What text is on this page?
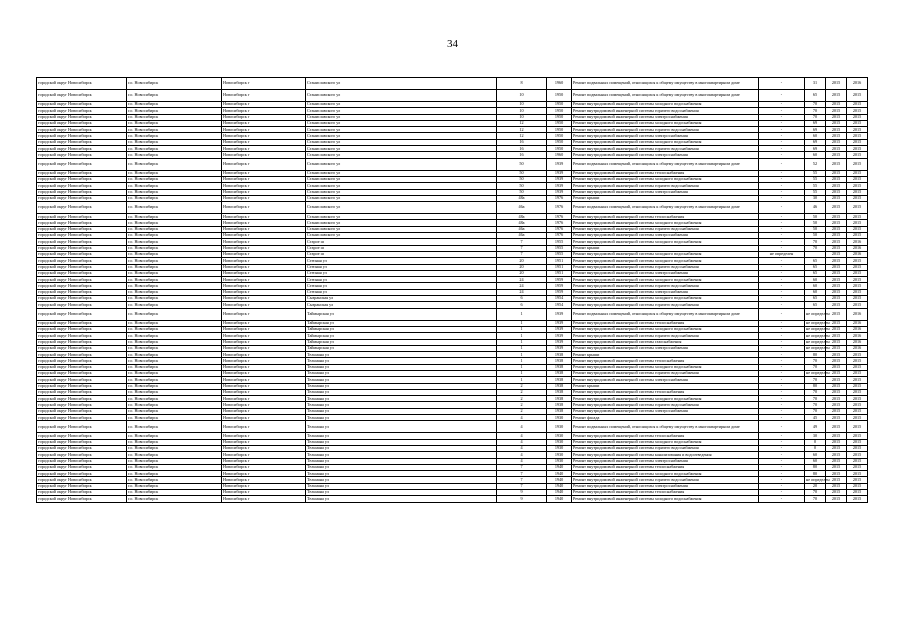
34
городской округ Новосибирск	г.о. Новосибирск	Новосибирск г	Станиславского ул	8	1960	Ремонт подвальных помещений, относящихся к общему имуществу в многоквартирном доме	-	31	2015	2016
городской округ Новосибирск	г.о. Новосибирск	Новосибирск г	Станиславского ул	10	1950	Ремонт подвальных помещений, относящихся к общему имуществу в многоквартирном доме	-	65	2015	2015
городской округ Новосибирск	г.о. Новосибирск	Новосибирск г	Станиславского ул	10	1950	Ремонт внутридомовой инженерной системы холодного водоснабжения	-	70	2015	2015
городской округ Новосибирск	г.о. Новосибирск	Новосибирск г	Станиславского ул	10	1950	Ремонт внутридомовой инженерной системы горячего водоснабжения	-	70	2015	2015
городской округ Новосибирск	г.о. Новосибирск	Новосибирск г	Станиславского ул	10	1950	Ремонт внутридомовой инженерной системы электроснабжения	-	70	2015	2015
городской округ Новосибирск	г.о. Новосибирск	Новосибирск г	Станиславского ул	12	1950	Ремонт внутридомовой инженерной системы холодного водоснабжения	-	69	2015	2015
городской округ Новосибирск	г.о. Новосибирск	Новосибирск г	Станиславского ул	12	1950	Ремонт внутридомовой инженерной системы горячего водоснабжения	-	69	2015	2015
городской округ Новосибирск	г.о. Новосибирск	Новосибирск г	Станиславского ул	12	1950	Ремонт внутридомовой инженерной системы электроснабжения	-	60	2015	2015
городской округ Новосибирск	г.о. Новосибирск	Новосибирск г	Станиславского ул	16	1950	Ремонт внутридомовой инженерной системы холодного водоснабжения	-	69	2015	2015
городской округ Новосибирск	г.о. Новосибирск	Новосибирск г	Станиславского ул	16	1950	Ремонт внутридомовой инженерной системы горячего водоснабжения	-	69	2015	2015
городской округ Новосибирск	г.о. Новосибирск	Новосибирск г	Станиславского ул	16	1960	Ремонт внутридомовой инженерной системы электроснабжения	-	60	2015	2015
городской округ Новосибирск	г.о. Новосибирск	Новосибирск г	Станиславского ул	50	1939	Ремонт подвальных помещений, относящихся к общему имуществу в многоквартирном доме	-	52	2015	2015
городской округ Новосибирск	г.о. Новосибирск	Новосибирск г	Станиславского ул	50	1939	Ремонт внутридомовой инженерной системы теплоснабжения	-	55	2015	2015
городской округ Новосибирск	г.о. Новосибирск	Новосибирск г	Станиславского ул	50	1939	Ремонт внутридомовой инженерной системы холодного водоснабжения	-	55	2015	2015
городской округ Новосибирск	г.о. Новосибирск	Новосибирск г	Станиславского ул	50	1939	Ремонт внутридомовой инженерной системы горячего водоснабжения	-	55	2015	2015
городской округ Новосибирск	г.о. Новосибирск	Новосибирск г	Станиславского ул	50	1939	Ремонт внутридомовой инженерной системы электроснабжения	-	55	2015	2015
городской округ Новосибирск	г.о. Новосибирск	Новосибирск г	Станиславского ул	48а	1976	Ремонт крыши	-	30	2015	2015
городской округ Новосибирск	г.о. Новосибирск	Новосибирск г	Станиславского ул	46а	1976	Ремонт подвальных помещений, относящихся к общему имуществу в многоквартирном доме	-	46	2015	2015
городской округ Новосибирск	г.о. Новосибирск	Новосибирск г	Станиславского ул	48а	1976	Ремонт внутридомовой инженерной системы теплоснабжения	-	50	2015	2015
городской округ Новосибирск	г.о. Новосибирск	Новосибирск г	Станиславского ул	48а	1976	Ремонт внутридомовой инженерной системы холодного водоснабжения	-	50	2015	2015
городской округ Новосибирск	г.о. Новосибирск	Новосибирск г	Станиславского ул	46а	1976	Ремонт внутридомовой инженерной системы горячего водоснабжения	-	50	2015	2015
городской округ Новосибирск	г.о. Новосибирск	Новосибирск г	Станиславского ул	46а	1976	Ремонт внутридомовой инженерной системы электроснабжения	-	50	2015	2015
городской округ Новосибирск	г.о. Новосибирск	Новосибирск г	Старое ш	7	1955	Ремонт внутридомовой инженерной системы холодного водоснабжения	-	70	2015	2016
городской округ Новосибирск	г.о. Новосибирск	Новосибирск г	Старое ш	7	1955	Ремонт крыши	-	70	2015	2016
городской округ Новосибирск	г.о. Новосибирск	Новосибирск г	Старое ш	7	1955	Ремонт внутридомовой инженерной системы холодного водоснабжения	не определен		2015	2016
городской округ Новосибирск	г.о. Новосибирск	Новосибирск г	Степная ул	20	1951	Ремонт внутридомовой инженерной системы холодного водоснабжения	-	65	2015	2015
городской округ Новосибирск	г.о. Новосибирск	Новосибирск г	Степная ул	20	1951	Ремонт внутридомовой инженерной системы горячего водоснабжения	-	65	2015	2015
городской округ Новосибирск	г.о. Новосибирск	Новосибирск г	Степная ул	20	1951	Ремонт внутридомовой инженерной системы электроснабжения	-	65	2015	2015
городской округ Новосибирск	г.о. Новосибирск	Новосибирск г	Степная ул	24	1959	Ремонт внутридомовой инженерной системы холодного водоснабжения	-	60	2015	2015
городской округ Новосибирск	г.о. Новосибирск	Новосибирск г	Степная ул	24	1959	Ремонт внутридомовой инженерной системы горячего водоснабжения	-	60	2015	2015
городской округ Новосибирск	г.о. Новосибирск	Новосибирск г	Степная ул	24	1959	Ремонт внутридомовой инженерной системы электроснабжения	-	60	2015	2015
городской округ Новосибирск	г.о. Новосибирск	Новосибирск г	Сызранская ул	6	1954	Ремонт внутридомовой инженерной системы холодного водоснабжения	-	65	2015	2015
городской округ Новосибирск	г.о. Новосибирск	Новосибирск г	Сызранская ул	6	1954	Ремонт внутридомовой инженерной системы горячего водоснабжения	-	65	2015	2015
городской округ Новосибирск	г.о. Новосибирск	Новосибирск г	Таймырская ул	1	1939	Ремонт подвальных помещений, относящихся к общему имуществу в многоквартирном доме	-	не определен	2015	2016
городской округ Новосибирск	г.о. Новосибирск	Новосибирск г	Таймырская ул	1	1939	Ремонт внутридомовой инженерной системы теплоснабжения	-	не определен	2015	2016
городской округ Новосибирск	г.о. Новосибирск	Новосибирск г	Таймырская ул	1	1939	Ремонт внутридомовой инженерной системы холодного водоснабжения	-	не определен	2015	2016
городской округ Новосибирск	г.о. Новосибирск	Новосибирск г	Таймырская ул	1	1939	Ремонт внутридомовой инженерной системы горячего водоснабжения	-	не определен	2015	2016
городской округ Новосибирск	г.о. Новосибирск	Новосибирск г	Таймырская ул	1	1939	Ремонт внутридомовой инженерной системы газоснабжения	-	не определен	2015	2016
городской округ Новосибирск	г.о. Новосибирск	Новосибирск г	Таймырская ул	1	1939	Ремонт внутридомовой инженерной системы электроснабжения	-	не определен	2015	2016
городской округ Новосибирск	г.о. Новосибирск	Новосибирск г	Тельмана ул	1	1938	Ремонт крыши	-	80	2015	2015
городской округ Новосибирск	г.о. Новосибирск	Новосибирск г	Тельмана ул	1	1938	Ремонт внутридомовой инженерной системы теплоснабжения	-	70	2015	2015
городской округ Новосибирск	г.о. Новосибирск	Новосибирск г	Тельмана ул	1	1938	Ремонт внутридомовой инженерной системы холодного водоснабжения	-	70	2015	2015
городской округ Новосибирск	г.о. Новосибирск	Новосибирск г	Тельмана ул	1	1938	Ремонт внутридомовой инженерной системы горячего водоснабжения	-	не определен	2015	2015
городской округ Новосибирск	г.о. Новосибирск	Новосибирск г	Тельмана ул	1	1938	Ремонт внутридомовой инженерной системы электроснабжения	-	70	2015	2015
городской округ Новосибирск	г.о. Новосибирск	Новосибирск г	Тельмана ул	2	1938	Ремонт крыши	-	80	2015	2015
городской округ Новосибирск	г.о. Новосибирск	Новосибирск г	Тельмана ул	2	1938	Ремонт внутридомовой инженерной системы теплоснабжения	-	70	2015	2015
городской округ Новосибирск	г.о. Новосибирск	Новосибирск г	Тельмана ул	2	1938	Ремонт внутридомовой инженерной системы холодного водоснабжения	-	70	2015	2015
городской округ Новосибирск	г.о. Новосибирск	Новосибирск г	Тельмана ул	2	1938	Ремонт внутридомовой инженерной системы горячего водоснабжения	-	70	2015	2015
городской округ Новосибирск	г.о. Новосибирск	Новосибирск г	Тельмана ул	2	1938	Ремонт внутридомовой инженерной системы электроснабжения	-	70	2015	2015
городской округ Новосибирск	г.о. Новосибирск	Новосибирск г	Тельмана ул	4	1930	Ремонт фасада	-	45	2015	2015
городской округ Новосибирск	г.о. Новосибирск	Новосибирск г	Тельмана ул	4	1930	Ремонт подвальных помещений, относящихся к общему имуществу в многоквартирном доме	-	49	2015	2015
городской округ Новосибирск	г.о. Новосибирск	Новосибирск г	Тельмана ул	4	1930	Ремонт внутридомовой инженерной системы теплоснабжения	-	30	2015	2015
городской округ Новосибирск	г.о. Новосибирск	Новосибирск г	Тельмана ул	4	1930	Ремонт внутридомовой инженерной системы холодного водоснабжения	-	0	2015	2015
городской округ Новосибирск	г.о. Новосибирск	Новосибирск г	Тельмана ул	4	1930	Ремонт внутридомовой инженерной системы горячего водоснабжения	-	0	2015	2015
городской округ Новосибирск	г.о. Новосибирск	Новосибирск г	Тельмана ул	4	1930	Ремонт внутридомовой инженерной системы канализования и водоотведения	-	60	2015	2015
городской округ Новосибирск	г.о. Новосибирск	Новосибирск г	Тельмана ул	4	1930	Ремонт внутридомовой инженерной системы электроснабжения	-	60	2015	2015
городской округ Новосибирск	г.о. Новосибирск	Новосибирск г	Тельмана ул	7	1940	Ремонт внутридомовой инженерной системы теплоснабжения	-	80	2015	2015
городской округ Новосибирск	г.о. Новосибирск	Новосибирск г	Тельмана ул	7	1940	Ремонт внутридомовой инженерной системы холодного водоснабжения	-	80	2015	2015
городской округ Новосибирск	г.о. Новосибирск	Новосибирск г	Тельмана ул	7	1940	Ремонт внутридомовой инженерной системы горячего водоснабжения	-	не определен	2015	2015
городской округ Новосибирск	г.о. Новосибирск	Новосибирск г	Тельмана ул	7	1940	Ремонт внутридомовой инженерной системы электроснабжения	-	20	2015	2015
городской округ Новосибирск	г.о. Новосибирск	Новосибирск г	Тельмана ул	9	1940	Ремонт внутридомовой инженерной системы теплоснабжения	-	70	2015	2015
городской округ Новосибирск	г.о. Новосибирск	Новосибирск г	Тельмана ул	9	1940	Ремонт внутридомовой инженерной системы холодного водоснабжения	-	70	2015	2015
